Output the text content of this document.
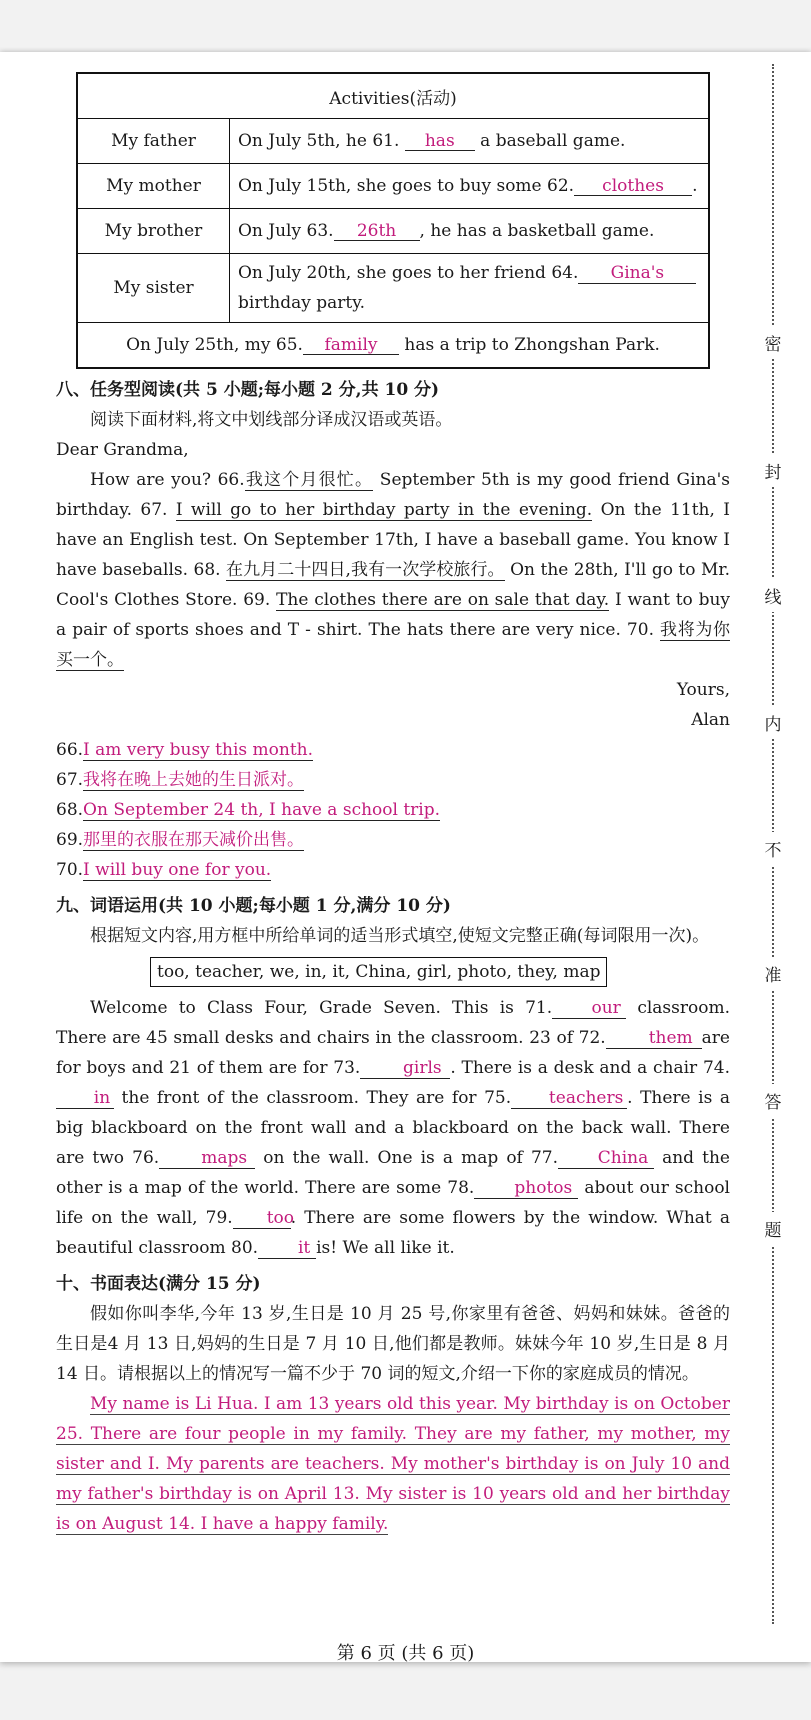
Activities(活动)	
My father	On July 5th, he 61. has a baseball game.
My mother	On July 15th, she goes to buy some 62. clothes .
My brother	On July 63. 26th , he has a basketball game.
My sister	On July 20th, she goes to her friend 64. Gina's
birthday party.
On July 25th, my 65. family has a trip to Zhongshan Park.	
八、任务型阅读(共 5 小题;每小题 2 分,共 10 分)
阅读下面材料,将文中划线部分译成汉语或英语。
Dear Grandma,
How are you? 66.我这个月很忙。 September 5th is my good friend Gina's birthday. 67. I will go to her birthday party in the evening. On the 11th, I have an English test. On September 17th, I have a baseball game. You know I have baseballs. 68. 在九月二十四日,我有一次学校旅行。 On the 28th, I'll go to Mr. Cool's Clothes Store. 69. The clothes there are on sale that day. I want to buy a pair of sports shoes and T - shirt. The hats there are very nice. 70. 我将为你买一个。
Yours,
Alan
66.I am very busy this month.
67.我将在晚上去她的生日派对。
68.On September 24 th, I have a school trip.
69.那里的衣服在那天减价出售。
70.I will buy one for you.
九、词语运用(共 10 小题;每小题 1 分,满分 10 分)
根据短文内容,用方框中所给单词的适当形式填空,使短文完整正确(每词限用一次)。
too, teacher, we, in, it, China, girl, photo, they, map
Welcome to Class Four, Grade Seven. This is 71. our classroom. There are 45 small desks and chairs in the classroom. 23 of 72.	them are for boys and 21 of them are for 73.	girls . There is a desk and a chair 74.in the front of the classroom. They are for 75. teachers . There is a big blackboard on the front wall and a blackboard on the back wall. There are two 76. maps on the wall. One is a map of 77. China and the other is a map of the world. There are some 78. photos about our school life on the wall, 79. too. There are some flowers by the window. What a beautiful classroom 80. it is! We all like it.
十、书面表达(满分 15 分)
假如你叫李华,今年 13 岁,生日是 10 月 25 号,你家里有爸爸、妈妈和妹妹。爸爸的生日是4 月 13 日,妈妈的生日是 7 月 10 日,他们都是教师。妹妹今年 10 岁,生日是 8 月 14 日。请根据以上的情况写一篇不少于 70 词的短文,介绍一下你的家庭成员的情况。
My name is Li Hua. I am 13 years old this year. My birthday is on October 25. There are four people in my family. They are my father, my mother, my sister and I. My parents are teachers. My mother's birthday is on July 10 and my father's birthday is on April 13. My sister is 10 years old and her birthday is on August 14. I have a happy family.
密
封
线
内
不
准
答
题
第 6 页 (共 6 页)
